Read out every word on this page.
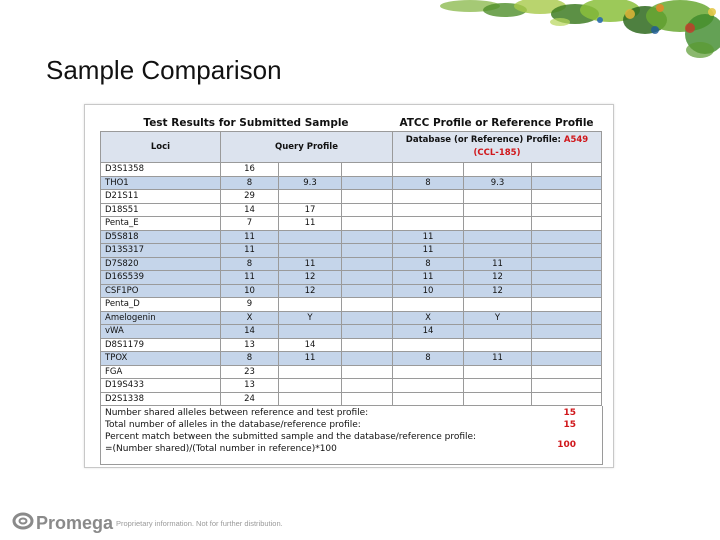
Sample Comparison
Test Results for Submitted Sample	ATCC Profile or Reference Profile
Loci	Query Profile			Database (or Reference) Profile: A549
(CCL-185)		

D3S1358	16					
THO1	8	9.3		8	9.3	
D21S11	29					
D18S51	14	17				
Penta_E	7	11				
D5S818	11			11		
D13S317	11			11		
D7S820	8	11		8	11	
D16S539	11	12		11	12	
CSF1PO	10	12		10	12	
Penta_D	9					
Amelogenin	X	Y		X	Y	
vWA	14			14		
D8S1179	13	14				
TPOX	8	11		8	11	
FGA	23					
D19S433	13					
D2S1338	24					
Number shared alleles between reference and test profile:	15
Total number of alleles in the database/reference profile:	15
Percent match between the submitted sample and the database/reference profile:
100
=(Number shared)/(Total number in reference)*100
Promega Proprietary information. Not for further distribution.
